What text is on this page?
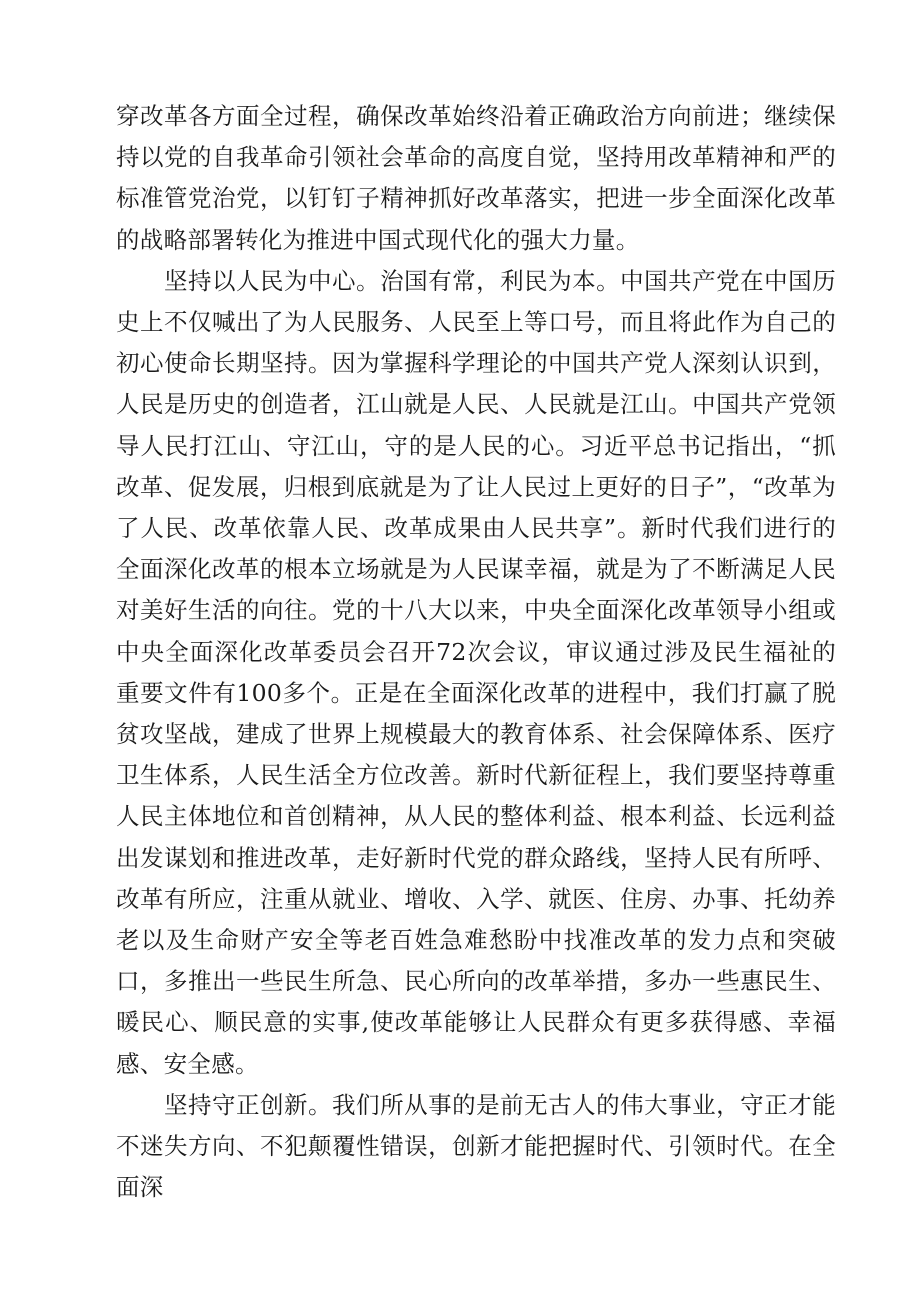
穿改革各方面全过程，确保改革始终沿着正确政治方向前进；继续保持以党的自我革命引领社会革命的高度自觉，坚持用改革精神和严的标准管党治党，以钉钉子精神抓好改革落实，把进一步全面深化改革的战略部署转化为推进中国式现代化的强大力量。

坚持以人民为中心。治国有常，利民为本。中国共产党在中国历史上不仅喊出了为人民服务、人民至上等口号，而且将此作为自己的初心使命长期坚持。因为掌握科学理论的中国共产党人深刻认识到，人民是历史的创造者，江山就是人民、人民就是江山。中国共产党领导人民打江山、守江山，守的是人民的心。习近平总书记指出，“抓改革、促发展，归根到底就是为了让人民过上更好的日子”，“改革为了人民、改革依靠人民、改革成果由人民共享”。新时代我们进行的全面深化改革的根本立场就是为人民谋幸福，就是为了不断满足人民对美好生活的向往。党的十八大以来，中央全面深化改革领导小组或中央全面深化改革委员会召开72次会议，审议通过涉及民生福祉的重要文件有100多个。正是在全面深化改革的进程中，我们打赢了脱贫攻坚战，建成了世界上规模最大的教育体系、社会保障体系、医疗卫生体系，人民生活全方位改善。新时代新征程上，我们要坚持尊重人民主体地位和首创精神，从人民的整体利益、根本利益、长远利益出发谋划和推进改革，走好新时代党的群众路线，坚持人民有所呼、改革有所应，注重从就业、增收、入学、就医、住房、办事、托幼养老以及生命财产安全等老百姓急难愁盼中找准改革的发力点和突破口，多推出一些民生所急、民心所向的改革举措，多办一些惠民生、暖民心、顺民意的实事,使改革能够让人民群众有更多获得感、幸福感、安全感。

坚持守正创新。我们所从事的是前无古人的伟大事业，守正才能不迷失方向、不犯颠覆性错误，创新才能把握时代、引领时代。在全面深
